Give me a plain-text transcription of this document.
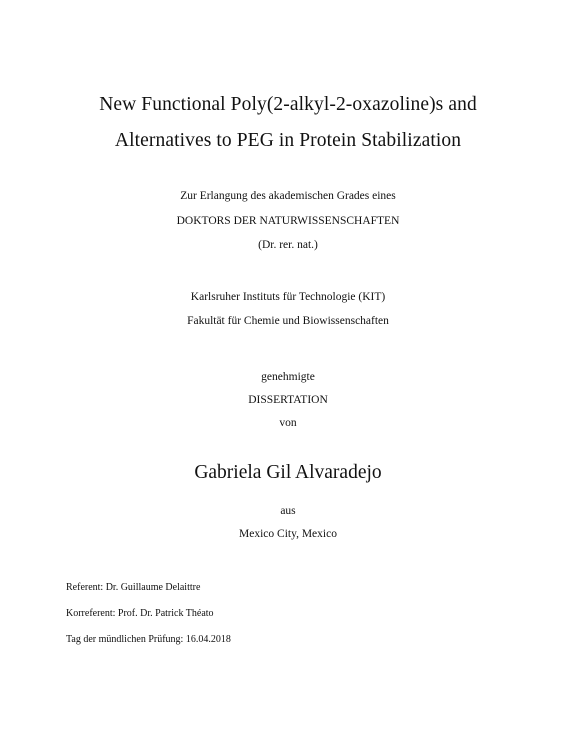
New Functional Poly(2-alkyl-2-oxazoline)s and
Alternatives to PEG in Protein Stabilization
Zur Erlangung des akademischen Grades eines
DOKTORS DER NATURWISSENSCHAFTEN
(Dr. rer. nat.)
Karlsruher Instituts für Technologie (KIT)
Fakultät für Chemie und Biowissenschaften
genehmigte
DISSERTATION
von
Gabriela Gil Alvaradejo
aus
Mexico City, Mexico
Referent: Dr. Guillaume Delaittre
Korreferent: Prof. Dr. Patrick Théato
Tag der mündlichen Prüfung: 16.04.2018
